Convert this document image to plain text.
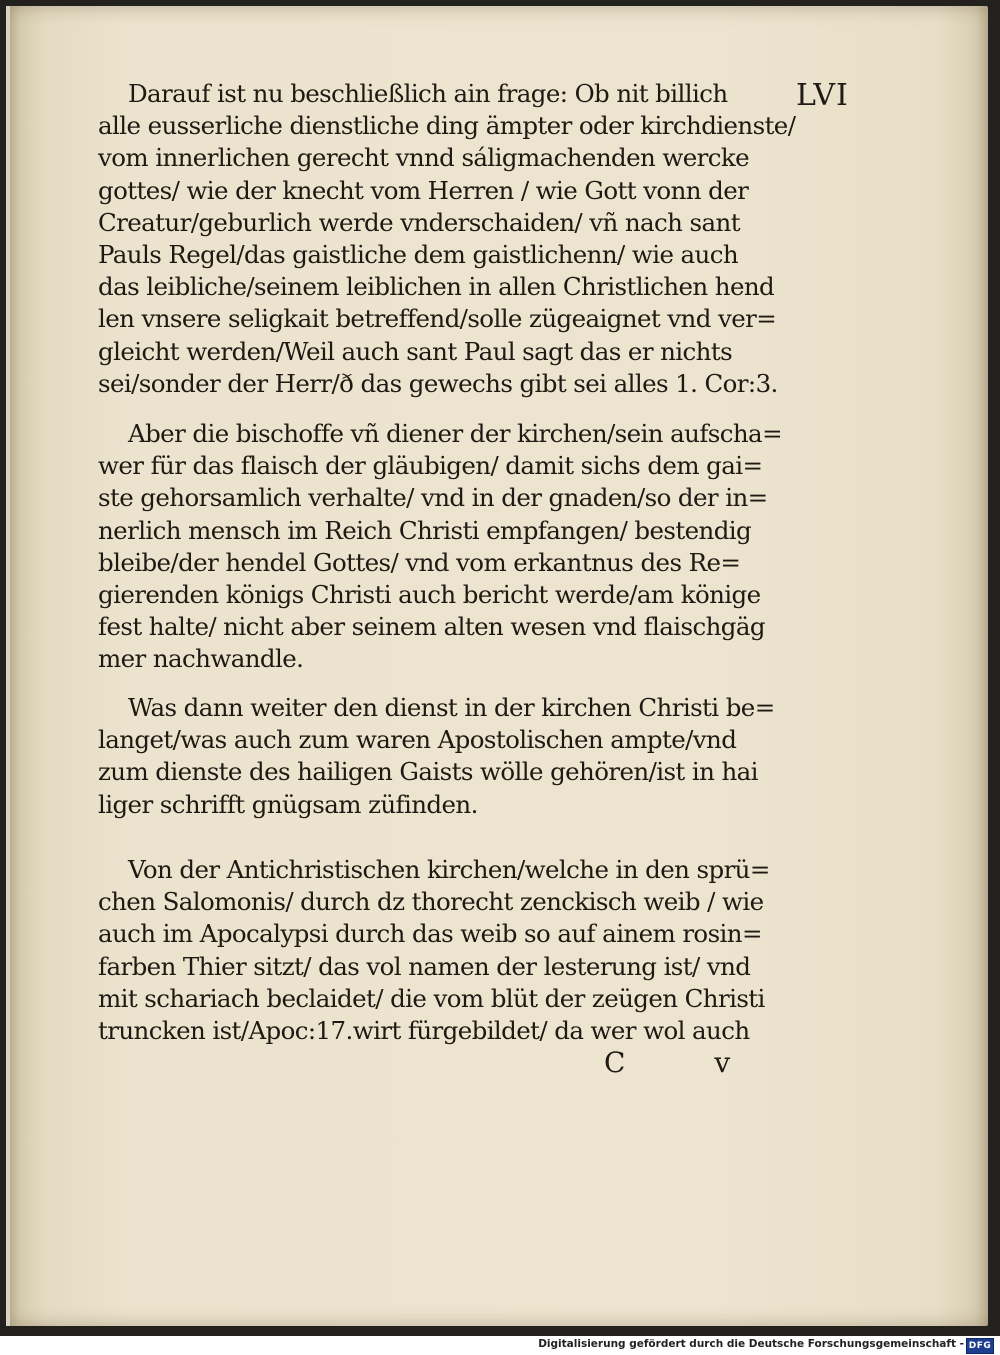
LVI
Darauf ist nu beschließlich ain frage: Ob nit billich
alle eusserliche dienstliche ding ämpter oder kirchdienste/
vom innerlichen gerecht vnnd sáligmachenden wercke
gottes/ wie der knecht vom Herren / wie Gott vonn der
Creatur/geburlich werde vnderschaiden/ vñ nach sant
Pauls Regel/das gaistliche dem gaistlichenn/ wie auch
das leibliche/seinem leiblichen in allen Christlichen hend
len vnsere seligkait betreffend/solle zügeaignet vnd ver=
gleicht werden/Weil auch sant Paul sagt das er nichts
sei/sonder der Herr/ð das gewechs gibt sei alles 1. Cor:3.
Aber die bischoffe vñ diener der kirchen/sein aufscha=
wer für das flaisch der gläubigen/ damit sichs dem gai=
ste gehorsamlich verhalte/ vnd in der gnaden/so der in=
nerlich mensch im Reich Christi empfangen/ bestendig
bleibe/der hendel Gottes/ vnd vom erkantnus des Re=
gierenden königs Christi auch bericht werde/am könige
fest halte/ nicht aber seinem alten wesen vnd flaischgäg
mer nachwandle.
Was dann weiter den dienst in der kirchen Christi be=
langet/was auch zum waren Apostolischen ampte/vnd
zum dienste des hailigen Gaists wölle gehören/ist in hai
liger schrifft gnügsam züfinden.
Von der Antichristischen kirchen/welche in den sprü=
chen Salomonis/ durch dz thorecht zenckisch weib / wie
auch im Apocalypsi durch das weib so auf ainem rosin=
farben Thier sitzt/ das vol namen der lesterung ist/ vnd
mit schariach beclaidet/ die vom blüt der zeügen Christi
truncken ist/Apoc:17.wirt fürgebildet/ da wer wol auch
C v
Digitalisierung gefördert durch die Deutsche Forschungsgemeinschaft - DFG
